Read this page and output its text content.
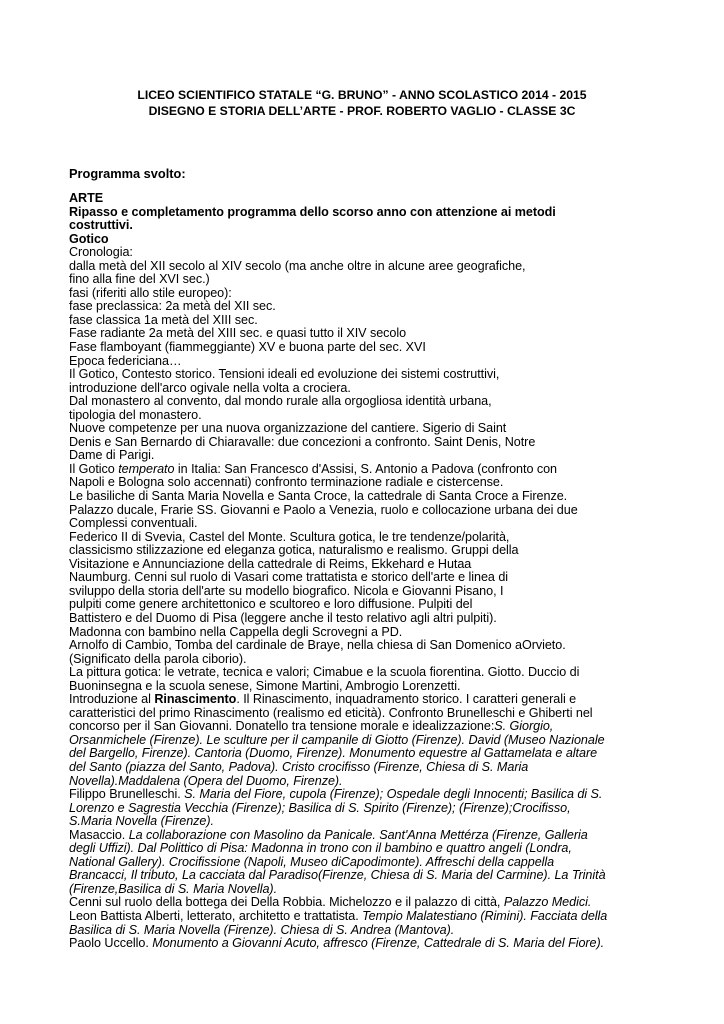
LICEO SCIENTIFICO STATALE “G. BRUNO” - ANNO SCOLASTICO 2014 - 2015
DISEGNO E STORIA DELL’ARTE - PROF. ROBERTO VAGLIO - CLASSE 3C
Programma svolto:
ARTE
Ripasso e completamento programma dello scorso anno con attenzione ai metodi
costruttivi.
Gotico
Cronologia:
dalla metà del XII secolo al XIV secolo (ma anche oltre in alcune aree geografiche,
fino alla fine del XVI sec.)
fasi (riferiti allo stile europeo):
fase preclassica: 2a metà del XII sec.
fase classica 1a metà del XIII sec.
Fase radiante 2a metà del XIII sec. e quasi tutto il XIV secolo
Fase flamboyant (fiammeggiante) XV e buona parte del sec. XVI
Epoca federiciana…
Il Gotico, Contesto storico. Tensioni ideali ed evoluzione dei sistemi costruttivi,
introduzione dell'arco ogivale nella volta a crociera.
Dal monastero al convento, dal mondo rurale alla orgogliosa identità urbana,
tipologia del monastero.
Nuove competenze per una nuova organizzazione del cantiere. Sigerio di Saint
Denis e San Bernardo di Chiaravalle: due concezioni a confronto. Saint Denis, Notre
Dame di Parigi.
Il Gotico temperato in Italia: San Francesco d'Assisi, S. Antonio a Padova (confronto con
Napoli e Bologna solo accennati) confronto terminazione radiale e cistercense.
Le basiliche di Santa Maria Novella e Santa Croce, la cattedrale di Santa Croce a Firenze.
Palazzo ducale, Frarie SS. Giovanni e Paolo a Venezia, ruolo e collocazione urbana dei due
Complessi conventuali.
Federico II di Svevia, Castel del Monte. Scultura gotica, le tre tendenze/polarità,
classicismo stilizzazione ed eleganza gotica, naturalismo e realismo. Gruppi della
Visitazione e Annunciazione della cattedrale di Reims, Ekkehard e Hutaa
Naumburg. Cenni sul ruolo di Vasari come trattatista e storico dell'arte e linea di
sviluppo della storia dell'arte su modello biografico. Nicola e Giovanni Pisano, I
pulpiti come genere architettonico e scultoreo e loro diffusione. Pulpiti del
Battistero e del Duomo di Pisa (leggere anche il testo relativo agli altri pulpiti).
Madonna con bambino nella Cappella degli Scrovegni a PD.
Arnolfo di Cambio, Tomba del cardinale de Braye, nella chiesa di San Domenico aOrvieto.
(Significato della parola ciborio).
La pittura gotica: le vetrate, tecnica e valori; Cimabue e la scuola fiorentina. Giotto. Duccio di
Buoninsegna e la scuola senese, Simone Martini, Ambrogio Lorenzetti.
Introduzione al Rinascimento. Il Rinascimento, inquadramento storico. I caratteri generali e
caratteristici del primo Rinascimento (realismo ed eticità). Confronto Brunelleschi e Ghiberti nel
concorso per il San Giovanni. Donatello tra tensione morale e idealizzazione:S. Giorgio,
Orsanmichele (Firenze). Le sculture per il campanile di Giotto (Firenze). David (Museo Nazionale
del Bargello, Firenze). Cantoria (Duomo, Firenze). Monumento equestre al Gattamelata e altare
del Santo (piazza del Santo, Padova). Cristo crocifisso (Firenze, Chiesa di S. Maria
Novella).Maddalena (Opera del Duomo, Firenze).
Filippo Brunelleschi. S. Maria del Fiore, cupola (Firenze); Ospedale degli Innocenti; Basilica di S.
Lorenzo e Sagrestia Vecchia (Firenze); Basilica di S. Spirito (Firenze); (Firenze);Crocifisso,
S.Maria Novella (Firenze).
Masaccio. La collaborazione con Masolino da Panicale. Sant'Anna Mettérza (Firenze, Galleria
degli Uffizi). Dal Polittico di Pisa: Madonna in trono con il bambino e quattro angeli (Londra,
National Gallery). Crocifissione (Napoli, Museo diCapodimonte). Affreschi della cappella
Brancacci, Il tributo, La cacciata dal Paradiso(Firenze, Chiesa di S. Maria del Carmine). La Trinità
(Firenze,Basilica di S. Maria Novella).
Cenni sul ruolo della bottega dei Della Robbia. Michelozzo e il palazzo di città, Palazzo Medici.
Leon Battista Alberti, letterato, architetto e trattatista. Tempio Malatestiano (Rimini). Facciata della
Basilica di S. Maria Novella (Firenze). Chiesa di S. Andrea (Mantova).
Paolo Uccello. Monumento a Giovanni Acuto, affresco (Firenze, Cattedrale di S. Maria del Fiore).
